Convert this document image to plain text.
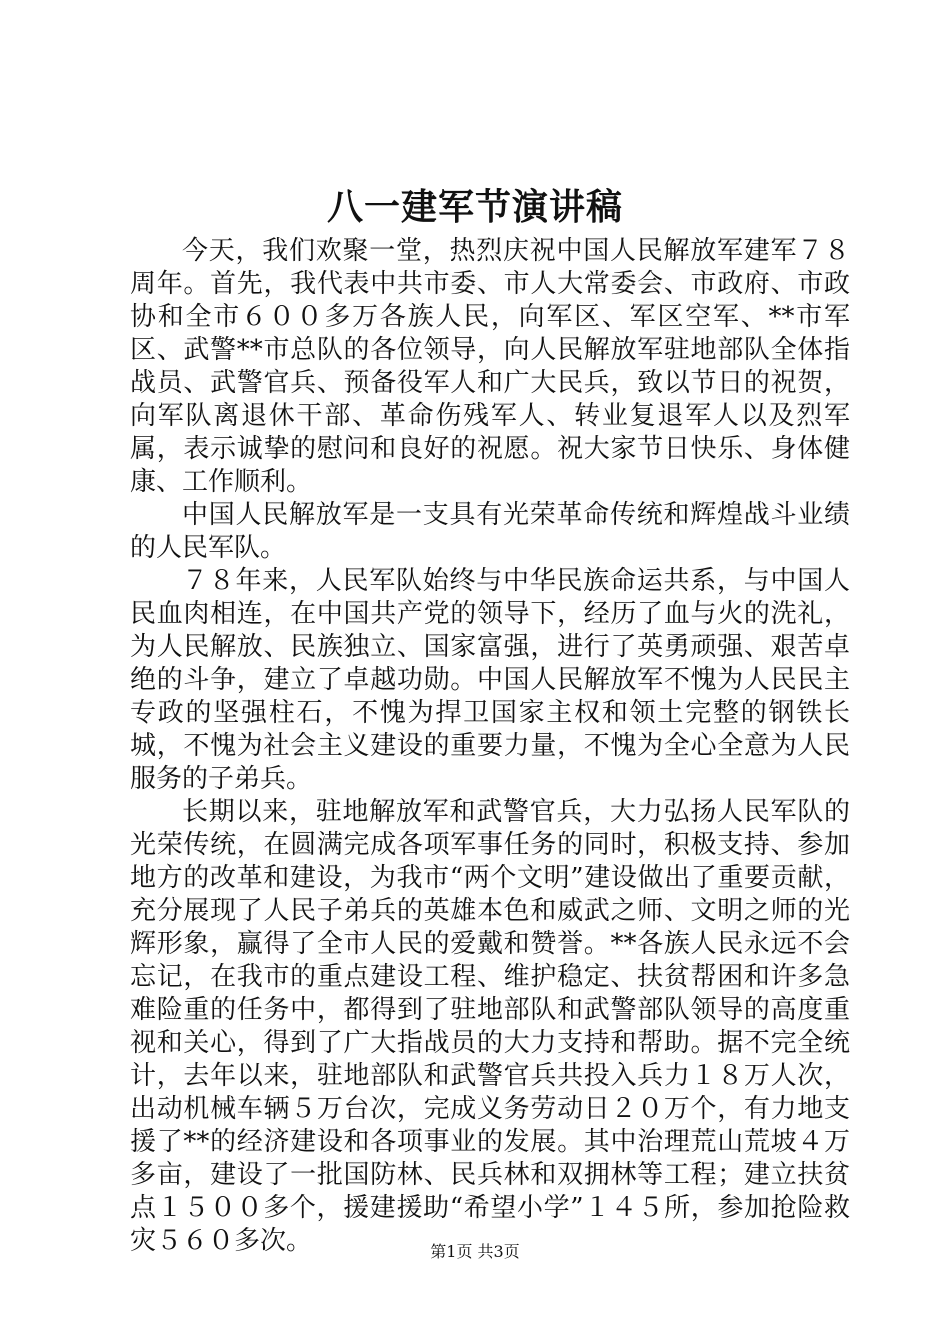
八一建军节演讲稿

今天，我们欢聚一堂，热烈庆祝中国人民解放军建军７８周年。首先，我代表中共市委、市人大常委会、市政府、市政协和全市６００多万各族人民，向军区、军区空军、**市军区、武警**市总队的各位领导，向人民解放军驻地部队全体指战员、武警官兵、预备役军人和广大民兵，致以节日的祝贺，向军队离退休干部、革命伤残军人、转业复退军人以及烈军属，表示诚挚的慰问和良好的祝愿。祝大家节日快乐、身体健康、工作顺利。

中国人民解放军是一支具有光荣革命传统和辉煌战斗业绩的人民军队。

７８年来，人民军队始终与中华民族命运共系，与中国人民血肉相连，在中国共产党的领导下，经历了血与火的洗礼，为人民解放、民族独立、国家富强，进行了英勇顽强、艰苦卓绝的斗争，建立了卓越功勋。中国人民解放军不愧为人民民主专政的坚强柱石，不愧为捍卫国家主权和领土完整的钢铁长城，不愧为社会主义建设的重要力量，不愧为全心全意为人民服务的子弟兵。

长期以来，驻地解放军和武警官兵，大力弘扬人民军队的光荣传统，在圆满完成各项军事任务的同时，积极支持、参加地方的改革和建设，为我市“两个文明”建设做出了重要贡献，充分展现了人民子弟兵的英雄本色和威武之师、文明之师的光辉形象，赢得了全市人民的爱戴和赞誉。**各族人民永远不会忘记，在我市的重点建设工程、维护稳定、扶贫帮困和许多急难险重的任务中，都得到了驻地部队和武警部队领导的高度重视和关心，得到了广大指战员的大力支持和帮助。据不完全统计，去年以来，驻地部队和武警官兵共投入兵力１８万人次，出动机械车辆５万台次，完成义务劳动日２０万个，有力地支援了**的经济建设和各项事业的发展。其中治理荒山荒坡４万多亩，建设了一批国防林、民兵林和双拥林等工程；建立扶贫点１５００多个，援建援助“希望小学”１４５所，参加抢险救灾５６０多次。	第1页 共3页
